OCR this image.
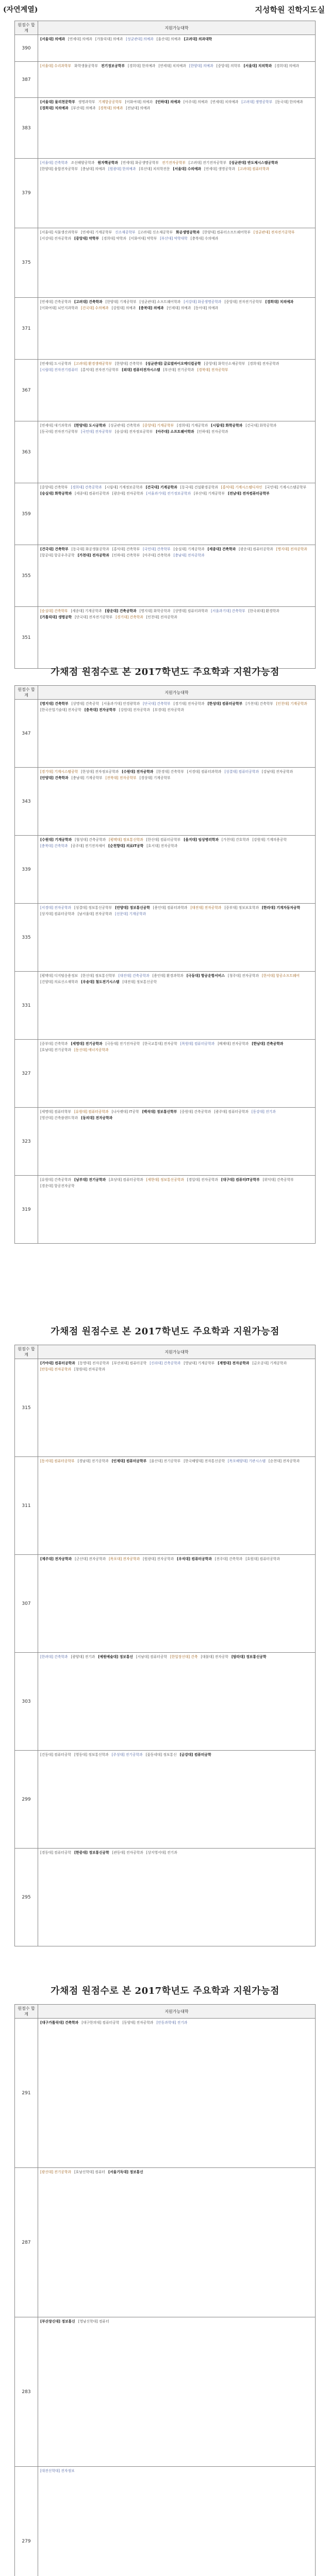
(자연계열)	지성학원 진학지도실
원점수 합계	지원가능대학
390	[서울대] 의예과 [연세대] 의예과 [가톨릭대] 의예과 [성균관대] 의예과 [울산대] 의예과 [고려대] 의과대학

387	[서울대] 수리과학부 화학생물공학부 전기정보공학부 [경희대] 한의예과 [연세대] 치의예과 [한양대] 의예과 [중앙대] 의학부 [서울대] 치의학과 [경희대] 의예과

383	[서울대] 물리천문학부 생명과학부 기계항공공학부 [이화여대] 의예과 [인하대] 의예과 [아주대] 의예과 [연세대] 치의예과 [고려대] 생명공학부 [동국대] 한의예과[경희대] 치의예과 [부산대] 의예과 [경북대] 의예과 [전남대] 의예과

379	[서울대] 건축학과 조선해양공학과 원자핵공학과 [연세대] 화공생명공학부 전기전자공학부 [고려대] 전기전자공학부 [성균관대] 반도체시스템공학과[한양대] 융합전자공학부 [충남대] 의예과 [원광대] 한의예과 [부산대] 치의학전문 [서울대] 수의예과 [연세대] 생명공학과 [고려대] 컴퓨터학과

375	[서울대] 식물생산과학부 [연세대] 기계공학부 신소재공학부 [고려대] 신소재공학부 화공생명공학과 [한양대] 컴퓨터소프트웨어학부 [성균관대] 전자전기공학부[서강대] 전자공학과 [중앙대] 약학부 [경희대] 약학과 [이화여대] 약학부 [부산대] 약학대학 [충북대] 수의예과

371	[연세대] 건축공학과 [고려대] 건축학과 [한양대] 기계공학부 [성균관대] 소프트웨어학과 [서강대] 화공생명공학과 [중앙대] 전자전기공학부 [경희대] 치의예과[이화여대] 뇌인지과학과 [건국대] 수의예과 [강원대] 의예과 [충북대] 의예과 [인제대] 의예과 [동아대] 의예과

367	[연세대] 도시공학과 [고려대] 환경생태공학부 [한양대] 건축학부 [성균관대] 글로벌바이오메디컬공학 [중앙대] 화학신소재공학부 [경희대] 전자공학과[시립대] 전자전기컴퓨터 [홍익대] 전자전기공학부 [외대] 컴퓨터전자시스템 [부산대] 전기공학과 [경북대] 전자공학부

363	[연세대] 대기과학과 [한양대] 도시공학과 [성균관대] 건축학과 [중앙대] 기계공학부 [경희대] 기계공학과 [시립대] 화학공학과 [건국대] 화학공학과[동국대] 전자전기공학부 [국민대] 전자공학부 [숭실대] 전자정보공학부 [아주대] 소프트웨어학과 [인하대] 전자공학과

359	[중앙대] 건축학부 [경희대] 건축공학과 [시립대] 기계정보공학과 [건국대] 기계공학과 [동국대] 건설환경공학과 [홍익대] 기계시스템디자인 [국민대] 기계시스템공학부[숭실대] 화학공학과 [세종대] 컴퓨터공학과 [광운대] 전자공학과 [서울과기대] 전기정보공학과 [부산대] 기계공학부 [전남대] 전자컴퓨터공학부

355	[건국대] 건축학부 [동국대] 화공생물공학과 [홍익대] 건축학부 [국민대] 건축학부 [숭실대] 기계공학과 [세종대] 건축학과 [광운대] 컴퓨터공학과 [명지대] 전자공학과[항공대] 항공우주공학 [가천대] 전자공학과 [인하대] 건축학부 [아주대] 건축학과 [충남대] 전자공학과

351	[숭실대] 건축학부 [세종대] 기계공학과 [광운대] 건축공학과 [명지대] 화학공학과 [상명대] 컴퓨터과학과 [서울과기대] 건축학부 [한국외대] 환경학과[가톨릭대] 생명공학 [단국대] 전자전기공학부 [경기대] 건축학과 [인천대] 전자공학과
가채점 원점수로 본 2017학년도 주요학과 지원가능점
원점수 합계	지원가능대학
347	[명지대] 건축학부 [상명대] 건축공학 [서울과기대] 안경광학과 [단국대] 건축학부 [경기대] 전자공학과 [한성대] 컴퓨터공학부 [가천대] 건축학부 [인천대] 기계공학과[한국산업기술대] 전자공학 [충북대] 전자공학부 [강원대] 전자공학과 [부경대] 전자공학과

343	[경기대] 기계시스템공학 [한성대] 전자정보공학과 [수원대] 전자공학과 [한경대] 건축학부 [서경대] 컴퓨터과학과 [성결대] 컴퓨터공학과 [강남대] 전자공학과[안양대] 건축학과 [충남대] 기계공학부 [전북대] 전자공학부 [경상대] 기계공학부

339	[수원대] 기계공학과 [협성대] 건축공학과 [평택대] 정보통신학과 [한신대] 컴퓨터공학부 [을지대] 임상병리학과 [가천대] 간호학과 [강원대] 기계의용공학[충북대] 건축학과 [공주대] 전기전자제어 [순천향대] 의료IT공학 [호서대] 전자공학과

335	[서경대] 전자공학과 [성결대] 정보통신공학부 [안양대] 정보통신공학 [용인대] 컴퓨터과학과 [대진대] 전자공학과 [중부대] 정보보호학과 [한라대] 기계자동차공학[상지대] 컴퓨터공학과 [남서울대] 전자공학과 [선문대] 기계공학과

331	[평택대] 디지털응용정보 [한신대] 정보통신학부 [대진대] 건축공학과 [용인대] 환경과학과 [극동대] 항공운항서비스 [청주대] 전자공학과 [한서대] 항공소프트웨어[건양대] 의료신소재학과 [우송대] 철도전기시스템 [대전대] 정보통신공학

327	[중부대] 건축학과 [세명대] 전기공학과 [극동대] 전기전자공학 [한국교통대] 전자공학 [목원대] 컴퓨터공학과 [배재대] 전자공학과 [한남대] 건축공학과[호남대] 전기공학과 [동신대] 에너지공학과

323	[세명대] 컴퓨터학부 [유원대] 컴퓨터공학과 [나사렛대] IT공학 [백석대] 정보통신학부 [중원대] 건축공학과 [광주대] 컴퓨터공학과 [동강대] 전기과[영산대] 건축플랜트학과 [동의대] 전자공학과

319	[유원대] 건축공학과 [남부대] 전기공학과 [초당대] 컴퓨터공학과 [세한대] 정보통신공학과 [경일대] 전자공학과 [대구대] 컴퓨터IT공학부 [위덕대] 건축공학부[경운대] 항공전자공학
가채점 원점수로 본 2017학년도 주요학과 지원가능점
원점수 합계	지원가능대학
315	[가야대] 컴퓨터공학과 [동명대] 전자공학과 [부산외대] 컴퓨터공학 [신라대] 건축공학과 [영남대] 기계공학부 [계명대] 전자공학과 [금오공대] 기계공학과[안동대] 전자공학과 [창원대] 전자공학과

311	[동서대] 컴퓨터공학부 [경남대] 전기공학과 [인제대] 컴퓨터공학부 [울산대] 전기공학부 [한국해양대] 전자통신공학 [목포해양대] 기관시스템 [순천대] 전자공학과

307	[제주대] 전자공학과 [군산대] 전자공학과 [목포대] 전자공학과 [원광대] 전자공학과 [우석대] 컴퓨터공학과 [전주대] 건축학과 [호원대] 컴퓨터공학과

303	[한려대] 건축학과 [광양대] 전기과 [예원예술대] 정보통신 [서남대] 컴퓨터공학 [한일장신대] 건축 [대불대] 전자공학 [탐라대] 정보통신공학

299	[건동대] 컴퓨터공학 [영동대] 정보통신학과 [주성대] 전기공학과 [꽃동네대] 정보통신 [금강대] 컴퓨터공학

295	[경동대] 컴퓨터공학 [한중대] 정보통신공학 [관동대] 전자공학과 [상지영서대] 전기과
가채점 원점수로 본 2017학년도 주요학과 지원가능점
원점수 합계	지원가능대학
291	[대구가톨릭대] 건축학과 [대구한의대] 컴퓨터공학 [동양대] 전자공학과 [안동과학대] 전기과

287	[광신대] 전기공학과 [호남신학대] 컴퓨터 [서울기독대] 정보통신

283	[부산장신대] 정보통신 [영남신학대] 컴퓨터

279	[대전신학대] 전자정보
